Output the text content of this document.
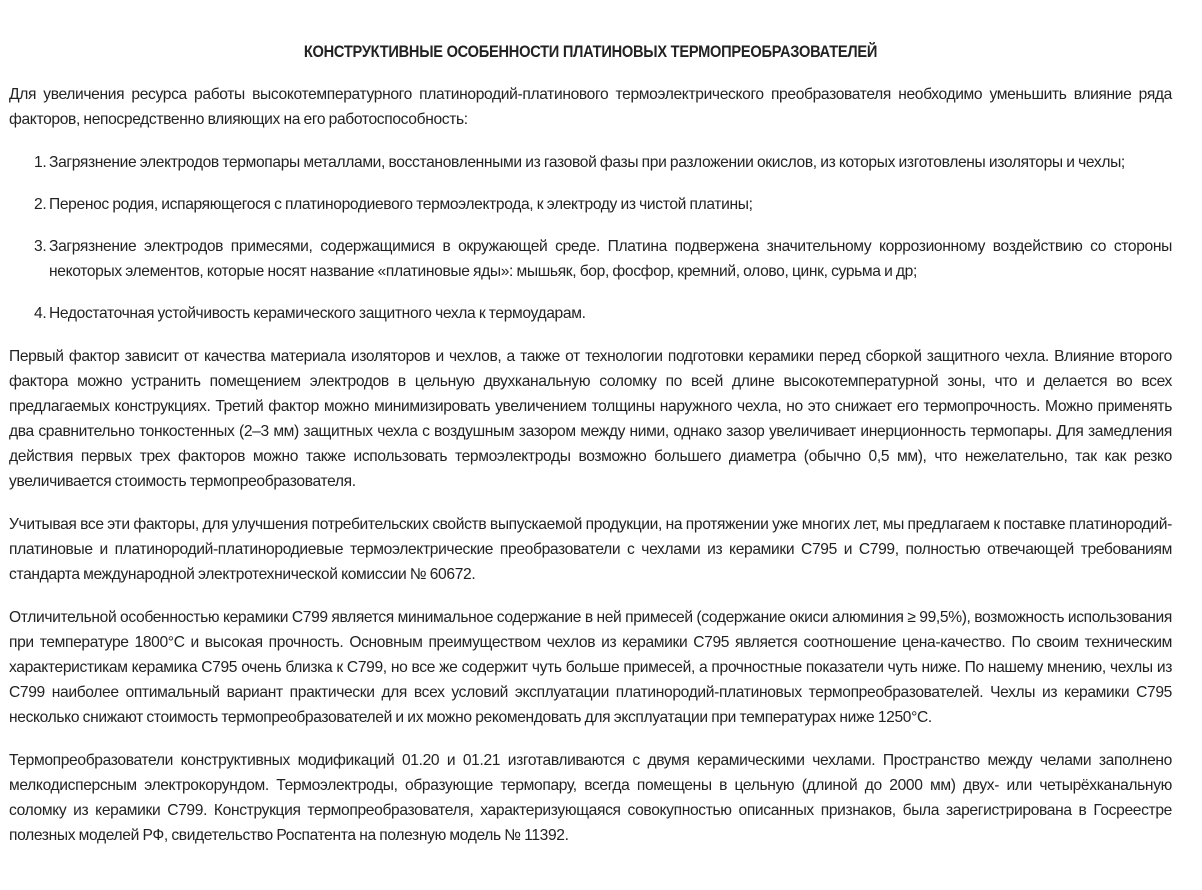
КОНСТРУКТИВНЫЕ ОСОБЕННОСТИ ПЛАТИНОВЫХ ТЕРМОПРЕОБРАЗОВАТЕЛЕЙ

Для увеличения ресурса работы высокотемпературного платинородий-платинового термоэлектрического преобразователя необходимо уменьшить влияние ряда факторов, непосредственно влияющих на его работоспособность:

1. Загрязнение электродов термопары металлами, восстановленными из газовой фазы при разложении окислов, из которых изготовлены изоляторы и чехлы;
2. Перенос родия, испаряющегося с платинородиевого термоэлектрода, к электроду из чистой платины;
3. Загрязнение электродов примесями, содержащимися в окружающей среде. Платина подвержена значительному коррозионному воздействию со стороны некоторых элементов, которые носят название «платиновые яды»: мышьяк, бор, фосфор, кремний, олово, цинк, сурьма и др;
4. Недостаточная устойчивость керамического защитного чехла к термоударам.

Первый фактор зависит от качества материала изоляторов и чехлов, а также от технологии подготовки керамики перед сборкой защитного чехла. Влияние второго фактора можно устранить помещением электродов в цельную двухканальную соломку по всей длине высокотемпературной зоны, что и делается во всех предлагаемых конструкциях. Третий фактор можно минимизировать увеличением толщины наружного чехла, но это снижает его термопрочность. Можно применять два сравнительно тонкостенных (2–3 мм) защитных чехла с воздушным зазором между ними, однако зазор увеличивает инерционность термопары. Для замедления действия первых трех факторов можно также использовать термоэлектроды возможно большего диаметра (обычно 0,5 мм), что нежелательно, так как резко увеличивается стоимость термопреобразователя.

Учитывая все эти факторы, для улучшения потребительских свойств выпускаемой продукции, на протяжении уже многих лет, мы предлагаем к поставке платинородий-платиновые и платинородий-платинородиевые термоэлектрические преобразователи с чехлами из керамики С795 и С799, полностью отвечающей требованиям стандарта международной электротехнической комиссии № 60672.

Отличительной особенностью керамики С799 является минимальное содержание в ней примесей (содержание окиси алюминия ≥ 99,5%), возможность использования при температуре 1800°С и высокая прочность. Основным преимуществом чехлов из керамики С795 является соотношение цена-качество. По своим техническим характеристикам керамика С795 очень близка к С799, но все же содержит чуть больше примесей, а прочностные показатели чуть ниже. По нашему мнению, чехлы из С799 наиболее оптимальный вариант практически для всех условий эксплуатации платинородий-платиновых термопреобразователей. Чехлы из керамики С795 несколько снижают стоимость термопреобразователей и их можно рекомендовать для эксплуатации при температурах ниже 1250°С.

Термопреобразователи конструктивных модификаций 01.20 и 01.21 изготавливаются с двумя керамическими чехлами. Пространство между челами заполнено мелкодисперсным электрокорундом. Термоэлектроды, образующие термопару, всегда помещены в цельную (длиной до 2000 мм) двух- или четырёхканальную соломку из керамики С799. Конструкция термопреобразователя, характеризующаяся совокупностью описанных признаков, была зарегистрирована в Госреестре полезных моделей РФ, свидетельство Роспатента на полезную модель № 11392.
